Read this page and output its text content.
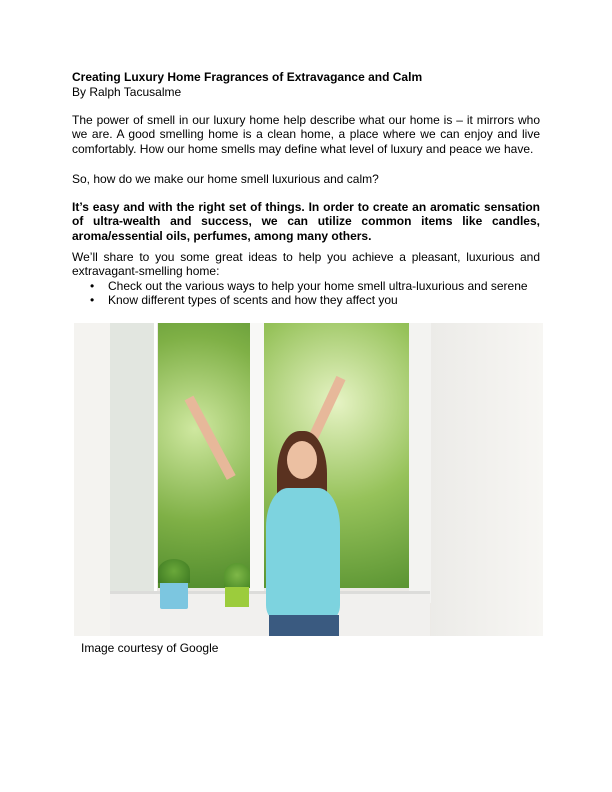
Creating Luxury Home Fragrances of Extravagance and Calm
By Ralph Tacusalme
The power of smell in our luxury home help describe what our home is – it mirrors who we are. A good smelling home is a clean home, a place where we can enjoy and live comfortably. How our home smells may define what level of luxury and peace we have.
So, how do we make our home smell luxurious and calm?
It’s easy and with the right set of things. In order to create an aromatic sensation of ultra-wealth and success, we can utilize common items like candles, aroma/essential oils, perfumes, among many others.
We’ll share to you some great ideas to help you achieve a pleasant, luxurious and extravagant-smelling home:
• Check out the various ways to help your home smell ultra-luxurious and serene
• Know different types of scents and how they affect you
Image courtesy of Google
